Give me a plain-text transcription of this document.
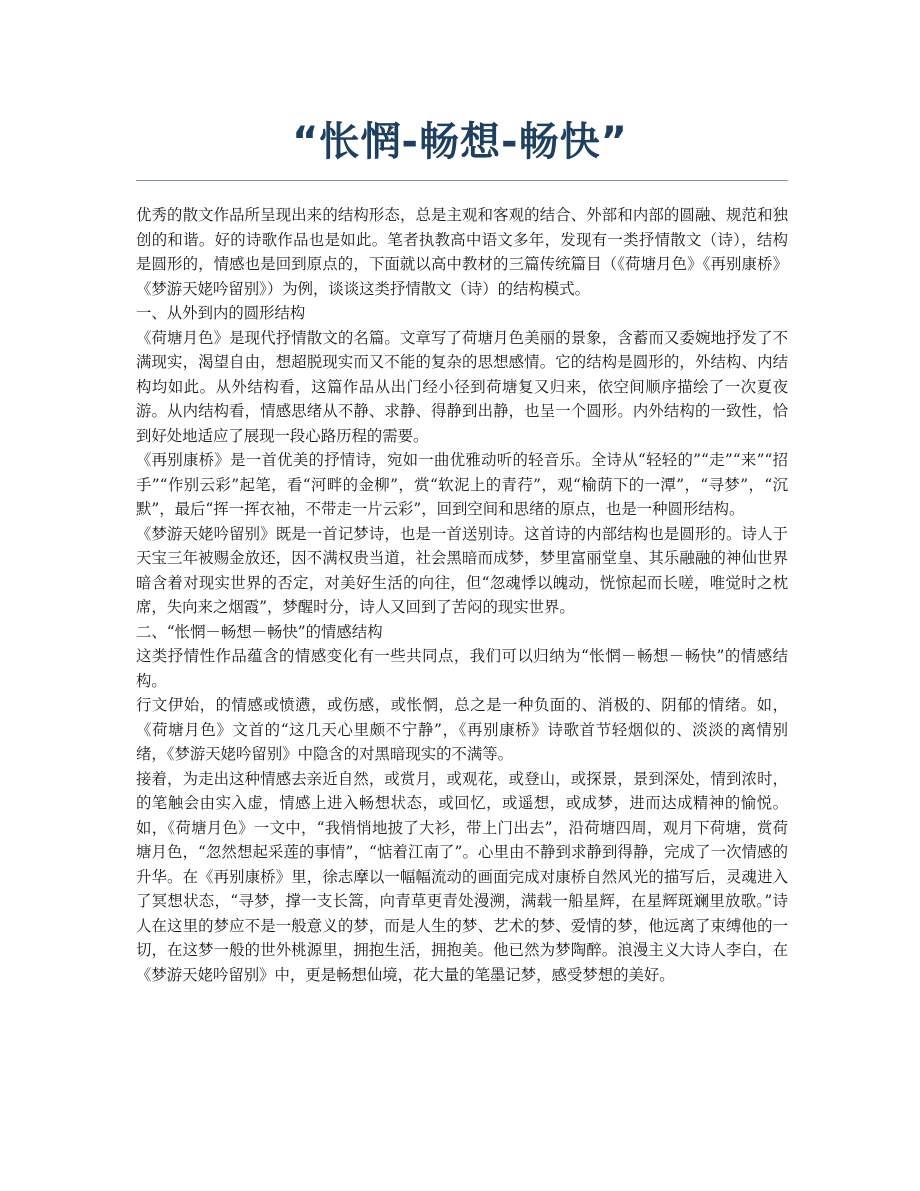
“怅惘-畅想-畅快”

优秀的散文作品所呈现出来的结构形态，总是主观和客观的结合、外部和内部的圆融、规范和独创的和谐。好的诗歌作品也是如此。笔者执教高中语文多年，发现有一类抒情散文（诗），结构是圆形的，情感也是回到原点的，下面就以高中教材的三篇传统篇目（《荷塘月色》《再别康桥》《梦游天姥吟留别》）为例，谈谈这类抒情散文（诗）的结构模式。

一、从外到内的圆形结构

《荷塘月色》是现代抒情散文的名篇。文章写了荷塘月色美丽的景象，含蓄而又委婉地抒发了不满现实，渴望自由，想超脱现实而又不能的复杂的思想感情。它的结构是圆形的，外结构、内结构均如此。从外结构看，这篇作品从出门经小径到荷塘复又归来，依空间顺序描绘了一次夏夜游。从内结构看，情感思绪从不静、求静、得静到出静，也呈一个圆形。内外结构的一致性，恰到好处地适应了展现一段心路历程的需要。

《再别康桥》是一首优美的抒情诗，宛如一曲优雅动听的轻音乐。全诗从“轻轻的”“走”“来”“招手”“作别云彩”起笔，看“河畔的金柳”，赏“软泥上的青荇”，观“榆荫下的一潭”，“寻梦”，“沉默”，最后“挥一挥衣袖，不带走一片云彩”，回到空间和思绪的原点，也是一种圆形结构。

《梦游天姥吟留别》既是一首记梦诗，也是一首送别诗。这首诗的内部结构也是圆形的。诗人于天宝三年被赐金放还，因不满权贵当道，社会黑暗而成梦，梦里富丽堂皇、其乐融融的神仙世界暗含着对现实世界的否定，对美好生活的向往，但“忽魂悸以魄动，恍惊起而长嗟，唯觉时之枕席，失向来之烟霞”，梦醒时分，诗人又回到了苦闷的现实世界。

二、“怅惘－畅想－畅快”的情感结构

这类抒情性作品蕴含的情感变化有一些共同点，我们可以归纳为“怅惘－畅想－畅快”的情感结构。

行文伊始，的情感或愤懑，或伤感，或怅惘，总之是一种负面的、消极的、阴郁的情绪。如，《荷塘月色》文首的“这几天心里颇不宁静”，《再别康桥》诗歌首节轻烟似的、淡淡的离情别绪，《梦游天姥吟留别》中隐含的对黑暗现实的不满等。

接着，为走出这种情感去亲近自然，或赏月，或观花，或登山，或探景，景到深处，情到浓时，的笔触会由实入虚，情感上进入畅想状态，或回忆，或遥想，或成梦，进而达成精神的愉悦。如，《荷塘月色》一文中，“我悄悄地披了大衫，带上门出去”，沿荷塘四周，观月下荷塘，赏荷塘月色，“忽然想起采莲的事情”，“惦着江南了”。心里由不静到求静到得静，完成了一次情感的升华。在《再别康桥》里，徐志摩以一幅幅流动的画面完成对康桥自然风光的描写后，灵魂进入了冥想状态，“寻梦，撑一支长篙，向青草更青处漫溯，满载一船星辉，在星辉斑斓里放歌。”诗人在这里的梦应不是一般意义的梦，而是人生的梦、艺术的梦、爱情的梦，他远离了束缚他的一切，在这梦一般的世外桃源里，拥抱生活，拥抱美。他已然为梦陶醉。浪漫主义大诗人李白，在《梦游天姥吟留别》中，更是畅想仙境，花大量的笔墨记梦，感受梦想的美好。
